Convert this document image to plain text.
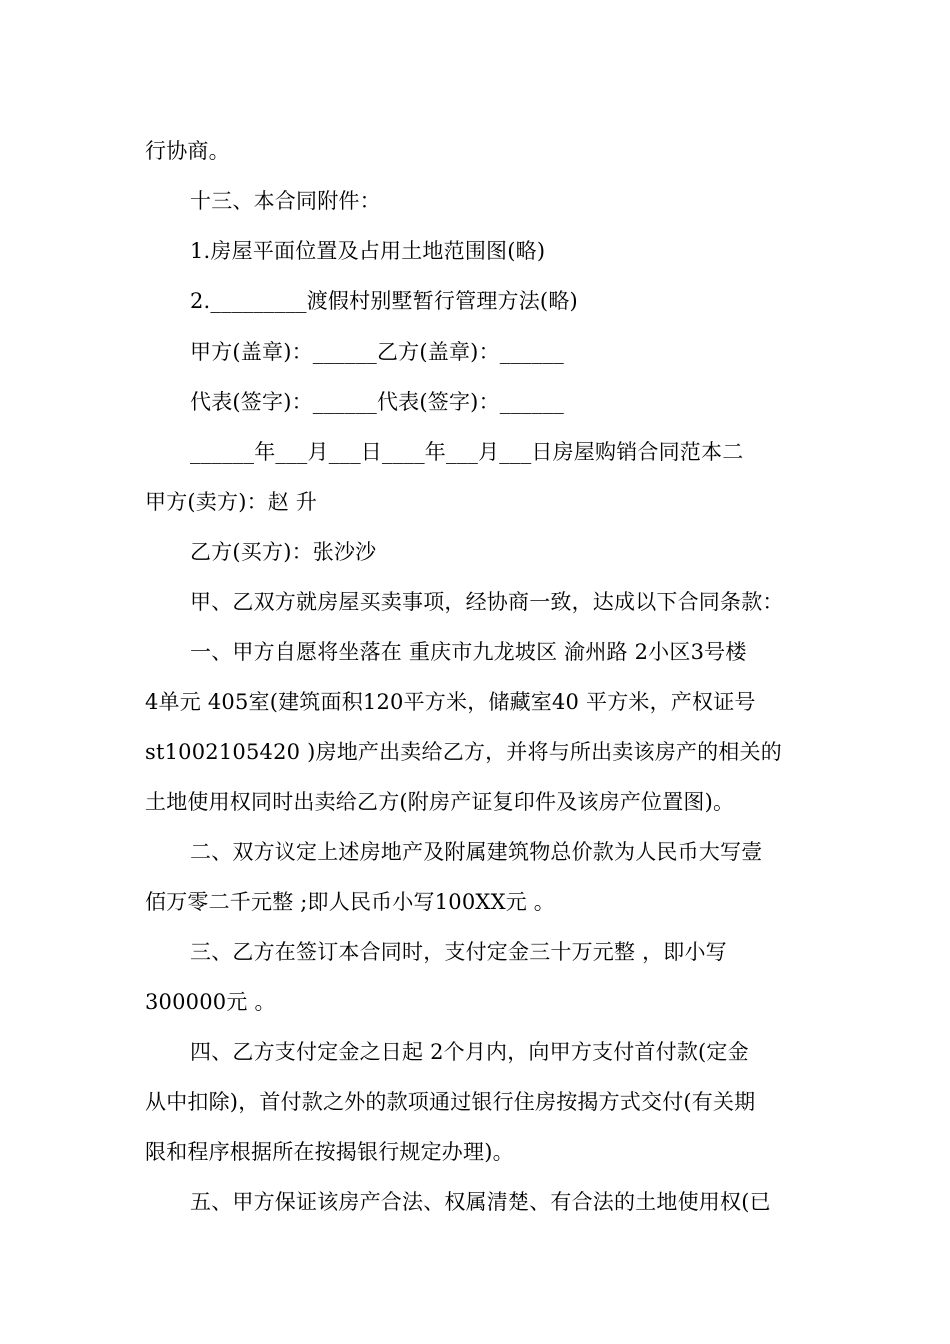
行协商。
十三、本合同附件：
1.房屋平面位置及占用土地范围图(略)
2._________渡假村别墅暂行管理方法(略)
甲方(盖章)：______乙方(盖章)：______
代表(签字)：______代表(签字)：______
______年___月___日____年___月___日房屋购销合同范本二
甲方(卖方)：赵 升
乙方(买方)：张沙沙
甲、乙双方就房屋买卖事项，经协商一致，达成以下合同条款：
一、甲方自愿将坐落在 重庆市九龙坡区 渝州路 2小区3号楼
4单元 405室(建筑面积120平方米，储藏室40 平方米，产权证号
st1002105420 )房地产出卖给乙方，并将与所出卖该房产的相关的
土地使用权同时出卖给乙方(附房产证复印件及该房产位置图)。
二、双方议定上述房地产及附属建筑物总价款为人民币大写壹
佰万零二千元整 ;即人民币小写100XX元 。
三、乙方在签订本合同时，支付定金三十万元整 ，即小写
300000元 。
四、乙方支付定金之日起 2个月内，向甲方支付首付款(定金
从中扣除)，首付款之外的款项通过银行住房按揭方式交付(有关期
限和程序根据所在按揭银行规定办理)。
五、甲方保证该房产合法、权属清楚、有合法的土地使用权(已
